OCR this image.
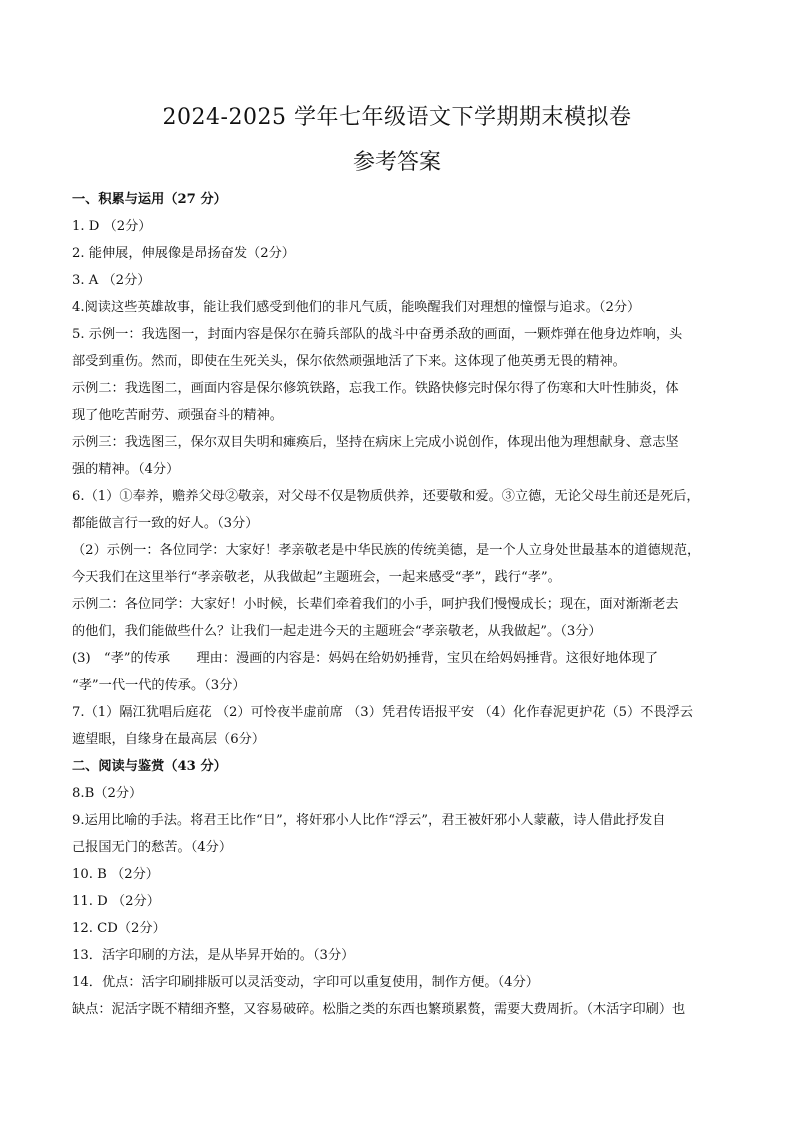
2024-2025 学年七年级语文下学期期末模拟卷
参考答案

一、积累与运用（27 分）

1. D （2分）

2. 能伸展，伸展像是昂扬奋发（2分）

3. A （2分）

4.阅读这些英雄故事，能让我们感受到他们的非凡气质，能唤醒我们对理想的憧憬与追求。（2分）

5. 示例一：我选图一，封面内容是保尔在骑兵部队的战斗中奋勇杀敌的画面，一颗炸弹在他身边炸响，头

部受到重伤。然而，即使在生死关头，保尔依然顽强地活了下来。这体现了他英勇无畏的精神。

示例二：我选图二，画面内容是保尔修筑铁路，忘我工作。铁路快修完时保尔得了伤寒和大叶性肺炎，体

现了他吃苦耐劳、顽强奋斗的精神。

示例三：我选图三，保尔双目失明和瘫痪后，坚持在病床上完成小说创作，体现出他为理想献身、意志坚

强的精神。（4分）

6.（1）①奉养，赡养父母②敬亲，对父母不仅是物质供养，还要敬和爱。③立德，无论父母生前还是死后，

都能做言行一致的好人。（3分）

（2）示例一：各位同学：大家好！孝亲敬老是中华民族的传统美德，是一个人立身处世最基本的道德规范，

今天我们在这里举行“孝亲敬老，从我做起”主题班会，一起来感受“孝”，践行“孝”。

示例二：各位同学：大家好！小时候，长辈们牵着我们的小手，呵护我们慢慢成长；现在，面对渐渐老去

的他们，我们能做些什么？让我们一起走进今天的主题班会“孝亲敬老，从我做起”。（3分）

(3)　“孝”的传承　　理由：漫画的内容是：妈妈在给奶奶捶背，宝贝在给妈妈捶背。这很好地体现了

“孝”一代一代的传承。（3分）

7.（1）隔江犹唱后庭花 （2）可怜夜半虚前席 （3）凭君传语报平安 （4）化作春泥更护花（5）不畏浮云

遮望眼，自缘身在最高层（6分）

二、阅读与鉴赏（43 分）

8.B（2分）

9.运用比喻的手法。将君王比作“日”，将奸邪小人比作“浮云”，君王被奸邪小人蒙蔽，诗人借此抒发自

己报国无门的愁苦。（4分）

10. B （2分）

11. D （2分）

12. CD（2分）

13．活字印刷的方法，是从毕昇开始的。（3分）

14．优点：活字印刷排版可以灵活变动，字印可以重复使用，制作方便。（4分）

缺点：泥活字既不精细齐整，又容易破碎。松脂之类的东西也繁琐累赘，需要大费周折。（木活字印刷）也
